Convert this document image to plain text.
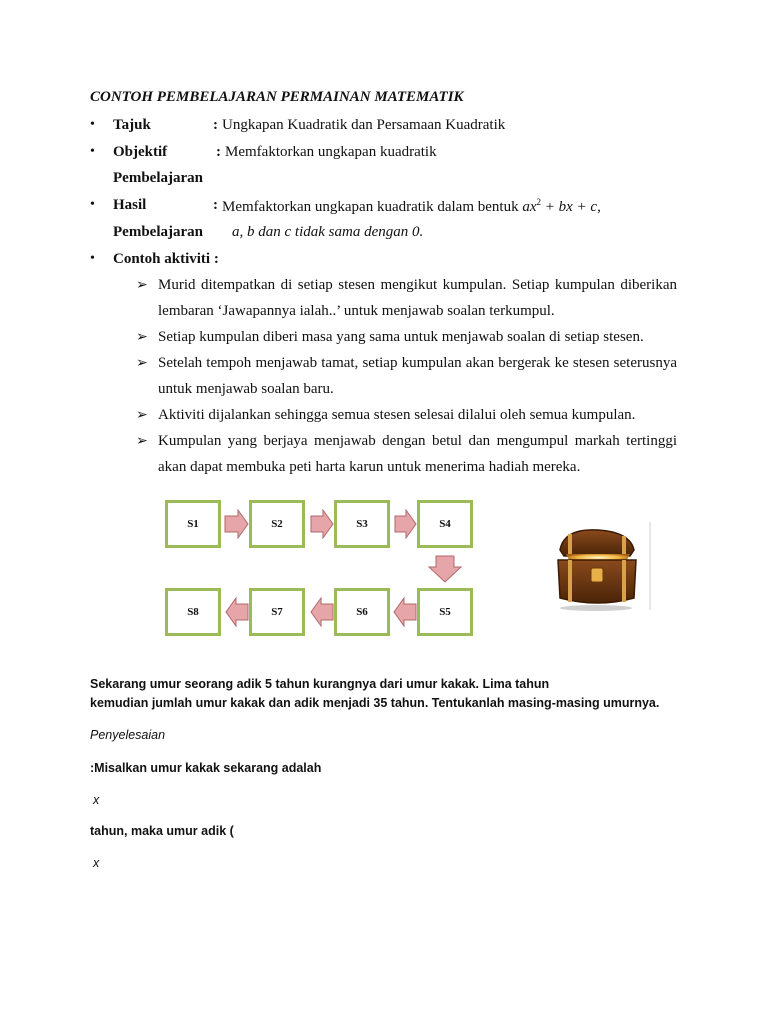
CONTOH PEMBELAJARAN PERMAINAN MATEMATIK
• Tajuk	: Ungkapan Kuadratik dan Persamaan Kuadratik
• Objektif	: Memfaktorkan ungkapan kuadratik
Pembelajaran
• Hasil	: Memfaktorkan ungkapan kuadratik dalam bentuk $ax^2$ + bx + c,
Pembelajaran a, b dan c tidak sama dengan 0.
• Contoh aktiviti :
➢ Murid ditempatkan di setiap stesen mengikut kumpulan. Setiap kumpulan diberikan
lembaran ‘Jawapannya ialah..’ untuk menjawab soalan terkumpul.
➢ Setiap kumpulan diberi masa yang sama untuk menjawab soalan di setiap stesen.
➢ Setelah tempoh menjawab tamat, setiap kumpulan akan bergerak ke stesen seterusnya
untuk menjawab soalan baru.
➢ Aktiviti dijalankan sehingga semua stesen selesai dilalui oleh semua kumpulan.
➢ Kumpulan yang berjaya menjawab dengan betul dan mengumpul markah tertinggi
akan dapat membuka peti harta karun untuk menerima hadiah mereka.
S1	S2	S3	S4
S5
S6
S7
S8
Sekarang umur seorang adik 5 tahun kurangnya dari umur kakak. Lima tahun
kemudian jumlah umur kakak dan adik menjadi 35 tahun. Tentukanlah masing-masing umurnya.
Penyelesaian
:Misalkan umur kakak sekarang adalah
x
tahun, maka umur adik (
x
